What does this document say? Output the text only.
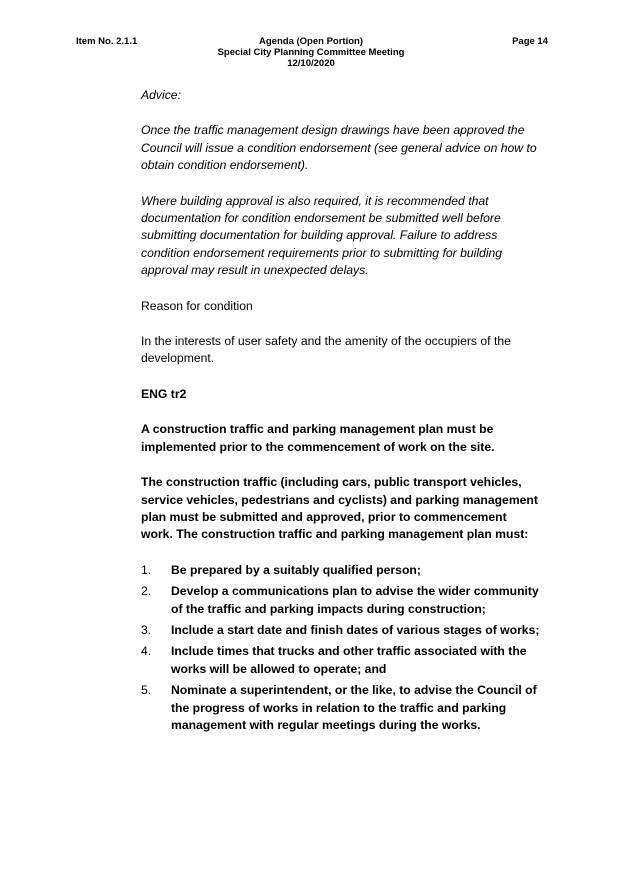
Item No. 2.1.1	Agenda (Open Portion)
Special City Planning Committee Meeting
12/10/2020
Page 14

Advice:

Once the traffic management design drawings have been approved the Council will issue a condition endorsement (see general advice on how to obtain condition endorsement).

Where building approval is also required, it is recommended that documentation for condition endorsement be submitted well before submitting documentation for building approval. Failure to address condition endorsement requirements prior to submitting for building approval may result in unexpected delays.

Reason for condition

In the interests of user safety and the amenity of the occupiers of the development.

ENG tr2

A construction traffic and parking management plan must be implemented prior to the commencement of work on the site.

The construction traffic (including cars, public transport vehicles, service vehicles, pedestrians and cyclists) and parking management plan must be submitted and approved, prior to commencement work. The construction traffic and parking management plan must:

1.	Be prepared by a suitably qualified person;
2.	Develop a communications plan to advise the wider community of the traffic and parking impacts during construction;
3.	Include a start date and finish dates of various stages of works;
4.	Include times that trucks and other traffic associated with the works will be allowed to operate; and
5.	Nominate a superintendent, or the like, to advise the Council of the progress of works in relation to the traffic and parking management with regular meetings during the works.
